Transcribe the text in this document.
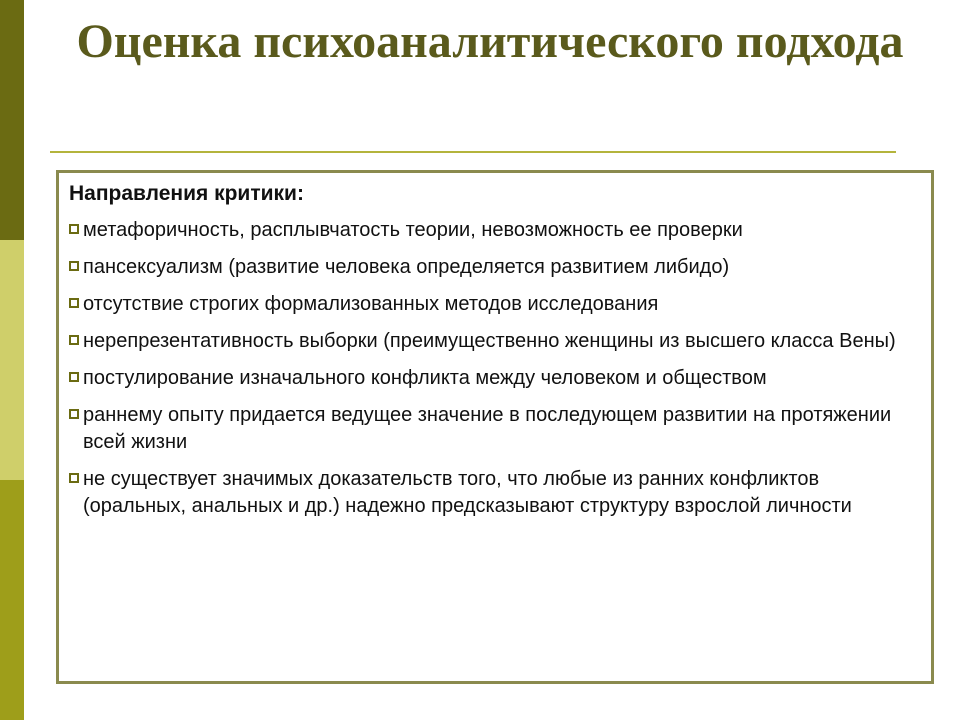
Оценка психоаналитического подхода
Направления критики:
метафоричность, расплывчатость теории, невозможность ее проверки
пансексуализм (развитие человека определяется развитием либидо)
отсутствие строгих формализованных методов исследования
нерепрезентативность выборки (преимущественно женщины из высшего класса Вены)
постулирование изначального конфликта между человеком и обществом
раннему опыту придается ведущее значение в последующем развитии на протяжении всей жизни
не существует значимых доказательств того, что любые из ранних конфликтов (оральных, анальных и др.) надежно предсказывают структуру взрослой личности
